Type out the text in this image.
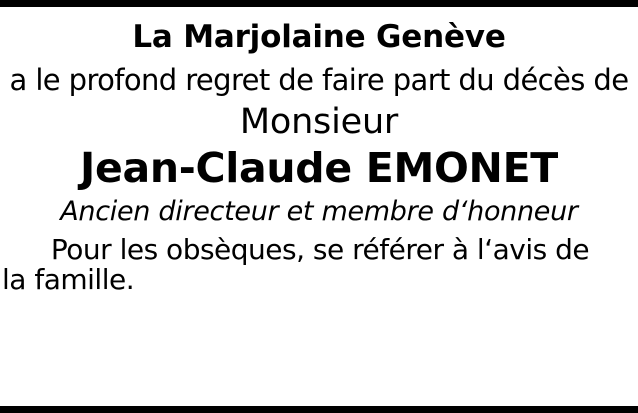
La Marjolaine Genève
a le profond regret de faire part du décès de
Monsieur
Jean-Claude EMONET
Ancien directeur et membre d‘honneur
Pour les obsèques, se référer à l‘avis de
la famille.
